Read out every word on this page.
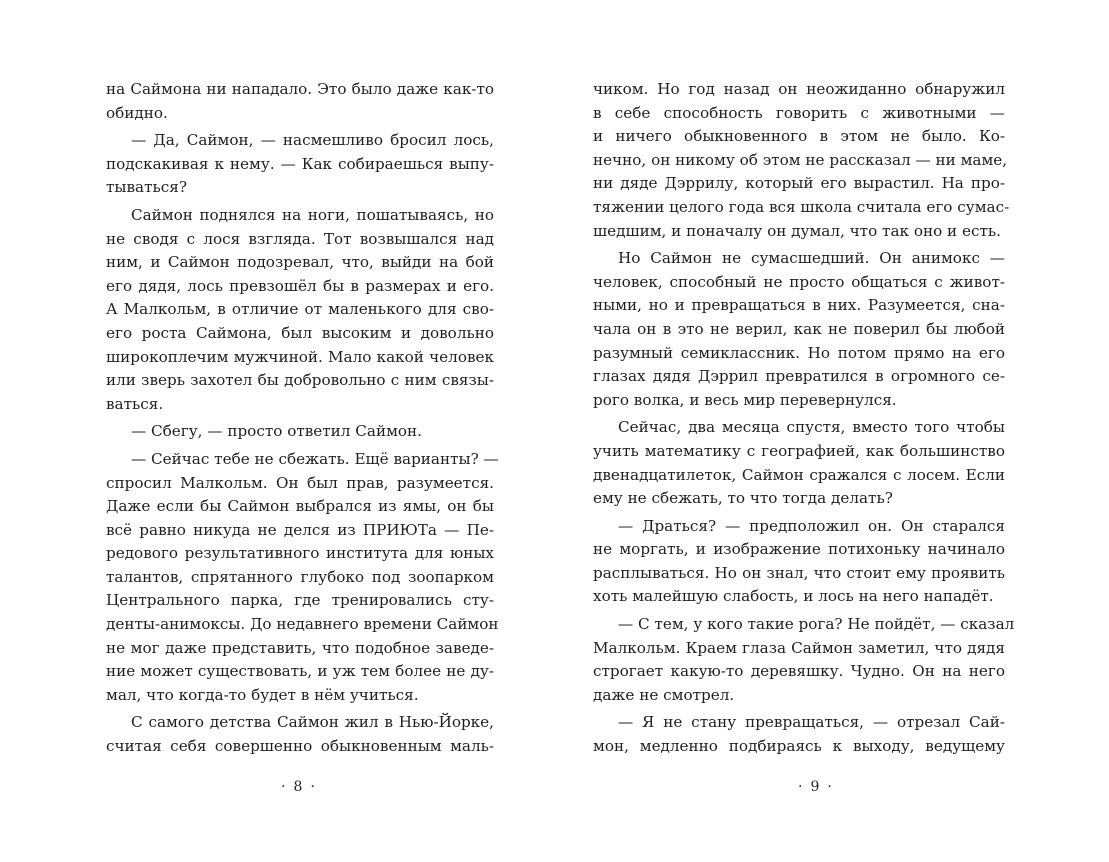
на Саймона ни нападало. Это было даже как-то
обидно.
— Да, Саймон, — насмешливо бросил лось,
подскакивая к нему. — Как собираешься выпу-
тываться?
Саймон поднялся на ноги, пошатываясь, но
не сводя с лося взгляда. Тот возвышался над
ним, и Саймон подозревал, что, выйди на бой
его дядя, лось превзошёл бы в размерах и его.
А Малкольм, в отличие от маленького для сво-
его роста Саймона, был высоким и довольно
широкоплечим мужчиной. Мало какой человек
или зверь захотел бы добровольно с ним связы-
ваться.
— Сбегу, — просто ответил Саймон.
— Сейчас тебе не сбежать. Ещё варианты? —
спросил Малкольм. Он был прав, разумеется.
Даже если бы Саймон выбрался из ямы, он бы
всё равно никуда не делся из ПРИЮТа — Пе-
редового результативного института для юных
талантов, спрятанного глубоко под зоопарком
Центрального парка, где тренировались сту-
денты-анимоксы. До недавнего времени Саймон
не мог даже представить, что подобное заведе-
ние может существовать, и уж тем более не ду-
мал, что когда-то будет в нём учиться.
С самого детства Саймон жил в Нью-Йорке,
считая себя совершенно обыкновенным маль-
чиком. Но год назад он неожиданно обнаружил
в себе способность говорить с животными —
и ничего обыкновенного в этом не было. Ко-
нечно, он никому об этом не рассказал — ни маме,
ни дяде Дэррилу, который его вырастил. На про-
тяжении целого года вся школа считала его сумас-
шедшим, и поначалу он думал, что так оно и есть.
Но Саймон не сумасшедший. Он анимокс —
человек, способный не просто общаться с живот-
ными, но и превращаться в них. Разумеется, сна-
чала он в это не верил, как не поверил бы любой
разумный семиклассник. Но потом прямо на его
глазах дядя Дэррил превратился в огромного се-
рого волка, и весь мир перевернулся.
Сейчас, два месяца спустя, вместо того чтобы
учить математику с географией, как большинство
двенадцатилеток, Саймон сражался с лосем. Если
ему не сбежать, то что тогда делать?
— Драться? — предположил он. Он старался
не моргать, и изображение потихоньку начинало
расплываться. Но он знал, что стоит ему проявить
хоть малейшую слабость, и лось на него нападёт.
— С тем, у кого такие рога? Не пойдёт, — сказал
Малкольм. Краем глаза Саймон заметил, что дядя
строгает какую-то деревяшку. Чудно. Он на него
даже не смотрел.
— Я не стану превращаться, — отрезал Сай-
мон, медленно подбираясь к выходу, ведущему
· 8 ·	· 9 ·
